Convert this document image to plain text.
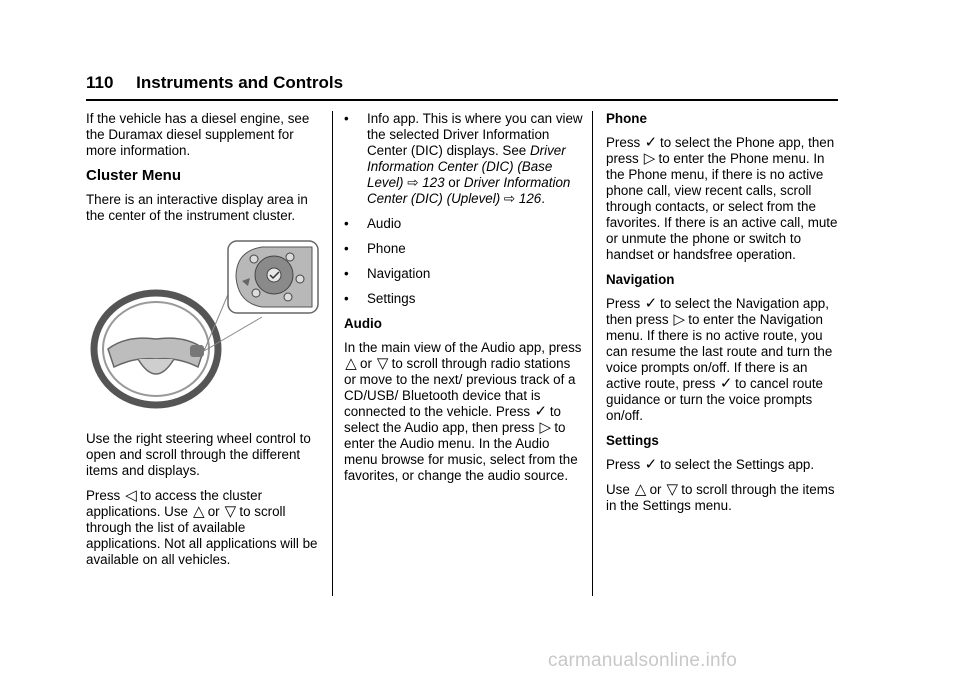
110 Instruments and Controls

If the vehicle has a diesel engine, see the Duramax diesel supplement for more information.

Cluster Menu

There is an interactive display area in the center of the instrument cluster.

Use the right steering wheel control to open and scroll through the different items and displays.

Press ◁ to access the cluster applications. Use △ or ▽ to scroll through the list of available applications. Not all applications will be available on all vehicles.

•	Info app. This is where you can view the selected Driver Information Center (DIC) displays. See Driver Information Center (DIC) (Base Level) ⇨ 123 or Driver Information Center (DIC) (Uplevel) ⇨ 126.
•	Audio
•	Phone
•	Navigation
•	Settings
Audio

In the main view of the Audio app, press △ or ▽ to scroll through radio stations or move to the next/ previous track of a CD/USB/ Bluetooth device that is connected to the vehicle. Press ✓ to select the Audio app, then press ▷ to enter the Audio menu. In the Audio menu browse for music, select from the favorites, or change the audio source.

Phone

Press ✓ to select the Phone app, then press ▷ to enter the Phone menu. In the Phone menu, if there is no active phone call, view recent calls, scroll through contacts, or select from the favorites. If there is an active call, mute or unmute the phone or switch to handset or handsfree operation.

Navigation

Press ✓ to select the Navigation app, then press ▷ to enter the Navigation menu. If there is no active route, you can resume the last route and turn the voice prompts on/off. If there is an active route, press ✓ to cancel route guidance or turn the voice prompts on/off.

Settings

Press ✓ to select the Settings app.

Use △ or ▽ to scroll through the items in the Settings menu.

carmanualsonline.info
